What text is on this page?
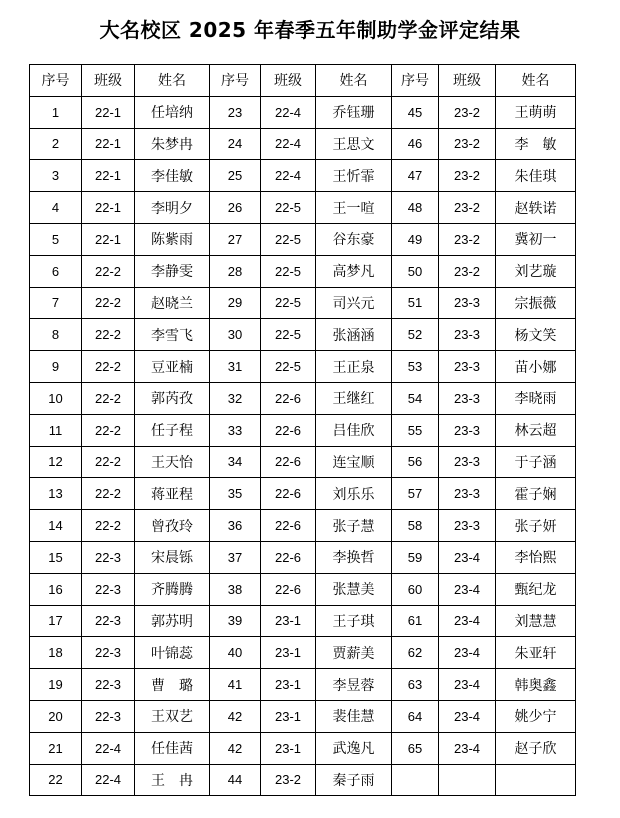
大名校区 2025 年春季五年制助学金评定结果
序号	班级	姓名	序号	班级	姓名	序号	班级	姓名
1	22-1	任培纳	23	22-4	乔钰珊	45	23-2	王萌萌
2	22-1	朱梦冉	24	22-4	王思文	46	23-2	李　敏
3	22-1	李佳敏	25	22-4	王忻霏	47	23-2	朱佳琪
4	22-1	李明夕	26	22-5	王一喧	48	23-2	赵轶诺
5	22-1	陈紫雨	27	22-5	谷东豪	49	23-2	冀初一
6	22-2	李静雯	28	22-5	高梦凡	50	23-2	刘艺璇
7	22-2	赵晓兰	29	22-5	司兴元	51	23-3	宗振薇
8	22-2	李雪飞	30	22-5	张涵涵	52	23-3	杨文笑
9	22-2	豆亚楠	31	22-5	王正泉	53	23-3	苗小娜
10	22-2	郭芮孜	32	22-6	王继红	54	23-3	李晓雨
11	22-2	任子程	33	22-6	吕佳欣	55	23-3	林云超
12	22-2	王天怡	34	22-6	连宝顺	56	23-3	于子涵
13	22-2	蒋亚程	35	22-6	刘乐乐	57	23-3	霍子娴
14	22-2	曾孜玲	36	22-6	张子慧	58	23-3	张子妍
15	22-3	宋晨铄	37	22-6	李换哲	59	23-4	李怡熙
16	22-3	齐腾腾	38	22-6	张慧美	60	23-4	甄纪龙
17	22-3	郭苏明	39	23-1	王子琪	61	23-4	刘慧慧
18	22-3	叶锦蕊	40	23-1	贾薪美	62	23-4	朱亚轩
19	22-3	曹　璐	41	23-1	李昱蓉	63	23-4	韩奥鑫
20	22-3	王双艺	42	23-1	裴佳慧	64	23-4	姚少宁
21	22-4	任佳茜	42	23-1	武逸凡	65	23-4	赵子欣
22	22-4	王　冉	44	23-2	秦子雨			
